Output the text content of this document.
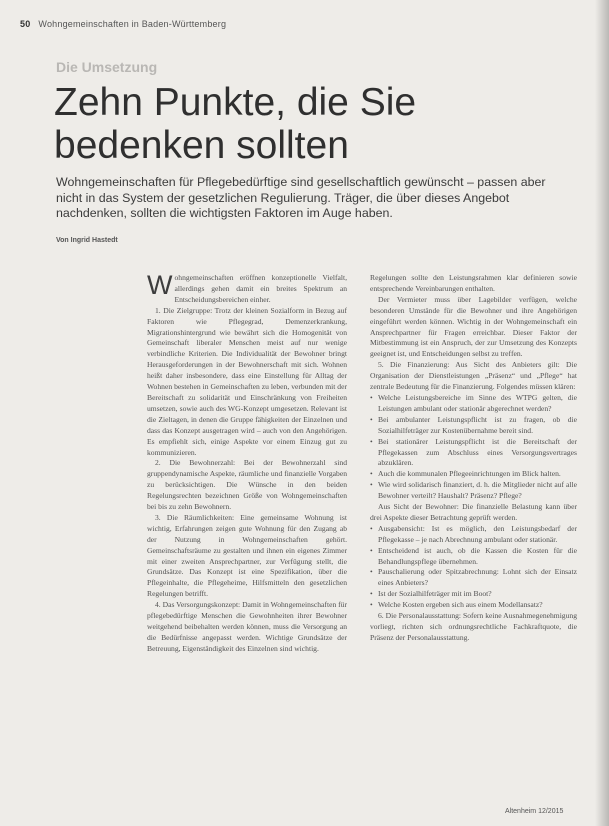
50 Wohngemeinschaften in Baden-Württemberg
Die Umsetzung
Zehn Punkte, die Sie
bedenken sollten
Wohngemeinschaften für Pflegebedürftige sind gesellschaftlich gewünscht – passen aber nicht in das System der gesetzlichen Regulierung. Träger, die über dieses Angebot nachdenken, sollten die wichtigsten Faktoren im Auge haben.
Von Ingrid Hastedt

Wohngemeinschaften eröffnen konzeptionelle Vielfalt, allerdings gehen damit ein breites Spektrum an Entscheidungsbereichen einher.

1. Die Zielgruppe: Trotz der kleinen Sozialform in Bezug auf Faktoren wie Pflegegrad, Demenzerkrankung, Migrationshintergrund wie bewährt sich die Homogenität von Gemeinschaft liberaler Menschen meist auf nur wenige verbindliche Kriterien. Die Individualität der Bewohner bringt Herausgeforderungen in der Bewohnerschaft mit sich. Wohnen heißt daher insbesondere, dass eine Einstellung für Alltag der Wohnen bestehen in Gemeinschaften zu leben, verbunden mit der Bereitschaft zu solidarität und Einschränkung von Freiheiten umsetzen, sowie auch des WG-Konzept umgesetzen. Relevant ist die Zieltagen, in denen die Gruppe fähigkeiten der Einzelnen und dass das Konzept ausgetragen wird – auch von den Angehörigen. Es empfiehlt sich, einige Aspekte vor einem Einzug gut zu kommunizieren.

2. Die Bewohnerzahl: Bei der Bewohnerzahl sind gruppendynamische Aspekte, räumliche und finanzielle Vorgaben zu berücksichtigen. Die Wünsche in den beiden Regelungsrechten bezeichnen Größe von Wohngemeinschaften bei bis zu zehn Bewohnern.

3. Die Räumlichkeiten: Eine gemeinsame Wohnung ist wichtig, Erfahrungen zeigen gute Wohnung für den Zugang ab der Nutzung in Wohngemeinschaften gehört. Gemeinschaftsräume zu gestalten und ihnen ein eigenes Zimmer mit einer zweiten Ansprechpartner, zur Verfügung stellt, die Grundsätze. Das Konzept ist eine Spezifikation, über die Pflegeinhalte, die Pflegeheime, Hilfsmitteln den gesetzlichen Regelungen betrifft.

4. Das Versorgungskonzept: Damit in Wohngemeinschaften für pflegebedürftige Menschen die Gewohnheiten ihrer Bewohner weitgehend beibehalten werden können, muss die Versorgung an die Bedürfnisse angepasst werden. Wichtige Grundsätze der Betreuung, Eigenständigkeit des Einzelnen sind wichtig.

Regelungen sollte den Leistungsrahmen klar definieren sowie entsprechende Vereinbarungen enthalten.

Der Vermieter muss über Lagebilder verfügen, welche besonderen Umstände für die Bewohner und ihre Angehörigen eingeführt werden können. Wichtig in der Wohngemeinschaft ein Ansprechpartner für Fragen erreichbar. Dieser Faktor der Mitbestimmung ist ein Anspruch, der zur Umsetzung des Konzepts geeignet ist, und Entscheidungen selbst zu treffen.

5. Die Finanzierung: Aus Sicht des Anbieters gilt: Die Organisation der Dienstleistungen „Präsenz“ und „Pflege“ hat zentrale Bedeutung für die Finanzierung. Folgendes müssen klären:

• Welche Leistungsbereiche im Sinne des WTPG gelten, die Leistungen ambulant oder stationär abgerechnet werden?
• Bei ambulanter Leistungspflicht ist zu fragen, ob die Sozialhilfeträger zur Kostenübernahme bereit sind.
• Bei stationärer Leistungspflicht ist die Bereitschaft der Pflegekassen zum Abschluss eines Versorgungsvertrages abzuklären.
• Auch die kommunalen Pflegeeinrichtungen im Blick halten.
• Wie wird solidarisch finanziert, d. h. die Mitglieder nicht auf alle Bewohner verteilt? Haushalt? Präsenz? Pflege?

Aus Sicht der Bewohner: Die finanzielle Belastung kann über drei Aspekte dieser Betrachtung geprüft werden.

• Ausgabensicht: Ist es möglich, den Leistungsbedarf der Pflegekasse – je nach Abrechnung ambulant oder stationär.
• Entscheidend ist auch, ob die Kassen die Kosten für die Behandlungspflege übernehmen.
• Pauschalierung oder Spitzabrechnung: Lohnt sich der Einsatz eines Anbieters?
• Ist der Sozialhilfeträger mit im Boot?
• Welche Kosten ergeben sich aus einem Modellansatz?

6. Die Personalausstattung: Sofern keine Ausnahmegenehmigung vorliegt, richten sich ordnungsrechtliche Fachkraftquote, die Präsenz der Personalausstattung.

Altenheim 12/2015
